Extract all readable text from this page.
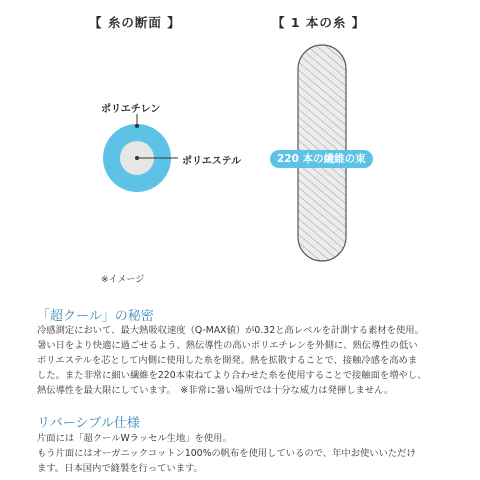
【 糸の断面 】	【 1 本の糸 】
ポリエチレン
ポリエステル	220 本の繊維の束
※イメージ
「超クール」の秘密
冷感測定において、最大熱吸収速度（Q-MAX値）が0.32と高レベルを計測する素材を使用。
暑い日をより快適に過ごせるよう、熱伝導性の高いポリエチレンを外側に、熱伝導性の低い
ポリエステルを芯として内側に使用した糸を開発。熱を拡散することで、接触冷感を高めま
した。また非常に細い繊維を220本束ねてより合わせた糸を使用することで接触面を増やし、
熱伝導性を最大限にしています。　※非常に暑い場所では十分な威力は発揮しません。
リバーシブル仕様
片面には「超クールWラッセル生地」を使用。
もう片面にはオーガニックコットン100%の帆布を使用しているので、年中お使いいただけ
ます。日本国内で縫製を行っています。
